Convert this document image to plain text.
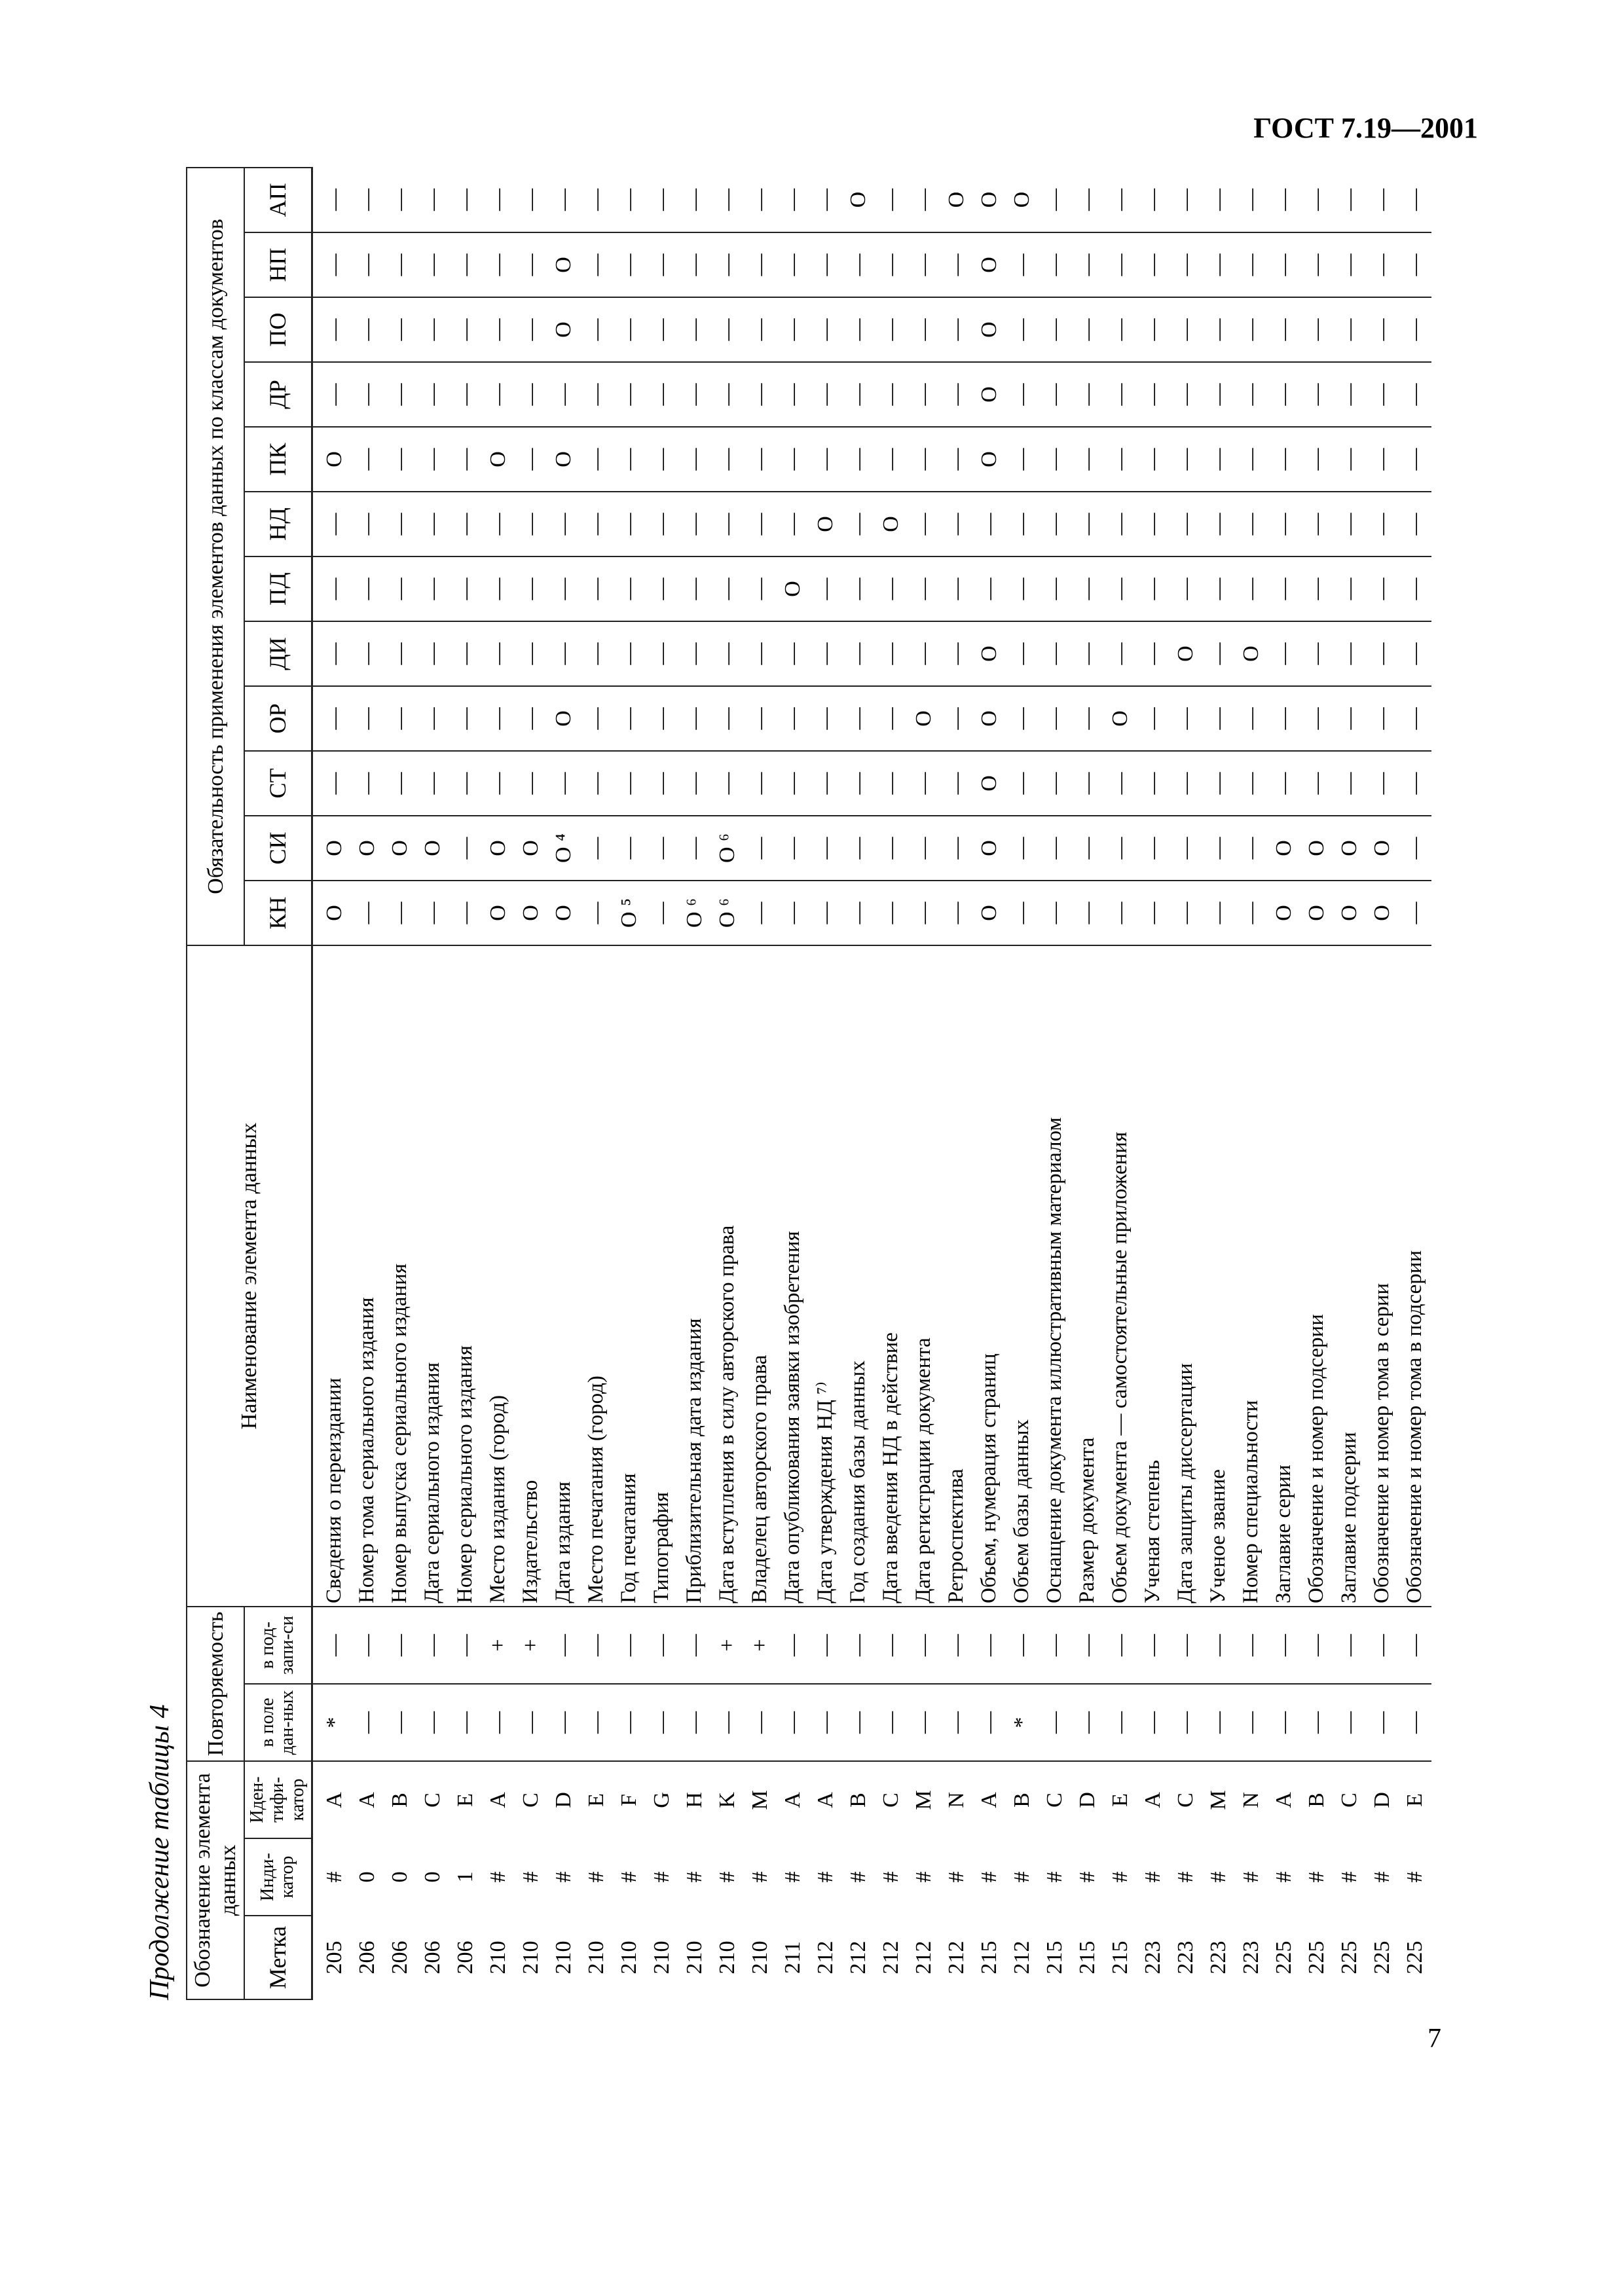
ГОСТ 7.19—2001
7
Продолжение таблицы 4 Обозначение элемента данных			Повторяемость		Наименование элемента данных	Обязательность применения элементов данных по классам документов											
Метка	Инди-катор	Иден-тифи-катор	в поле дан-ных	в под-запи-си		КН	СИ	СТ	ОР	ДИ	ПД	НД	ПК	ДР	ПО	НП	АП
205	#	A	*	—	Сведения о переиздании	О	О	—	—	—	—	—	О	—	—	—	—
206	0	A	—	—	Номер тома сериального издания	—	О	—	—	—	—	—	—	—	—	—	—
206	0	B	—	—	Номер выпуска сериального издания	—	О	—	—	—	—	—	—	—	—	—	—
206	0	C	—	—	Дата сериального издания	—	О	—	—	—	—	—	—	—	—	—	—
206	1	E	—	—	Номер сериального издания	—	—	—	—	—	—	—	—	—	—	—	—
210	#	A	—	+	Место издания (город)	О	О	—	—	—	—	—	О	—	—	—	—
210	#	C	—	+	Издательство	О	О	—	—	—	—	—	—	—	—	—	—
210	#	D	—	—	Дата издания	О	О ⁴	—	О	—	—	—	О	—	О	О	—
210	#	E	—	—	Место печатания (город)	—	—	—	—	—	—	—	—	—	—	—	—
210	#	F	—	—	Год печатания	О ⁵	—	—	—	—	—	—	—	—	—	—	—
210	#	G	—	—	Типография	—	—	—	—	—	—	—	—	—	—	—	—
210	#	H	—	—	Приблизительная дата издания	О ⁶	—	—	—	—	—	—	—	—	—	—	—
210	#	K	—	+	Дата вступления в силу авторского права	О ⁶	О ⁶	—	—	—	—	—	—	—	—	—	—
210	#	M	—	+	Владелец авторского права	—	—	—	—	—	—	—	—	—	—	—	—
211	#	A	—	—	Дата опубликования заявки изобретения	—	—	—	—	—	О	—	—	—	—	—	—
212	#	A	—	—	Дата утверждения НД ⁷⁾	—	—	—	—	—	—	О	—	—	—	—	—
212	#	B	—	—	Год создания базы данных	—	—	—	—	—	—	—	—	—	—	—	О
212	#	C	—	—	Дата введения НД в действие	—	—	—	—	—	—	О	—	—	—	—	—
212	#	M	—	—	Дата регистрации документа	—	—	—	О	—	—	—	—	—	—	—	—
212	#	N	—	—	Ретроспектива	—	—	—	—	—	—	—	—	—	—	—	О
215	#	A	—	—	Объем, нумерация страниц	О	О	О	О	О	—	—	О	О	О	О	О
212	#	B	*	—	Объем базы данных	—	—	—	—	—	—	—	—	—	—	—	О
215	#	C	—	—	Оснащение документа иллюстративным материалом	—	—	—	—	—	—	—	—	—	—	—	—
215	#	D	—	—	Размер документа	—	—	—	—	—	—	—	—	—	—	—	—
215	#	E	—	—	Объем документа — самостоятельные приложения	—	—	—	О	—	—	—	—	—	—	—	—
223	#	A	—	—	Ученая степень	—	—	—	—	—	—	—	—	—	—	—	—
223	#	C	—	—	Дата защиты диссертации	—	—	—	—	О	—	—	—	—	—	—	—
223	#	M	—	—	Ученое звание	—	—	—	—	—	—	—	—	—	—	—	—
223	#	N	—	—	Номер специальности	—	—	—	—	О	—	—	—	—	—	—	—
225	#	A	—	—	Заглавие серии	О	О	—	—	—	—	—	—	—	—	—	—
225	#	B	—	—	Обозначение и номер подсерии	О	О	—	—	—	—	—	—	—	—	—	—
225	#	C	—	—	Заглавие подсерии	О	О	—	—	—	—	—	—	—	—	—	—
225	#	D	—	—	Обозначение и номер тома в серии	О	О	—	—	—	—	—	—	—	—	—	—
225	#	E	—	—	Обозначение и номер тома в подсерии	—	—	—	—	—	—	—	—	—	—	—	—
